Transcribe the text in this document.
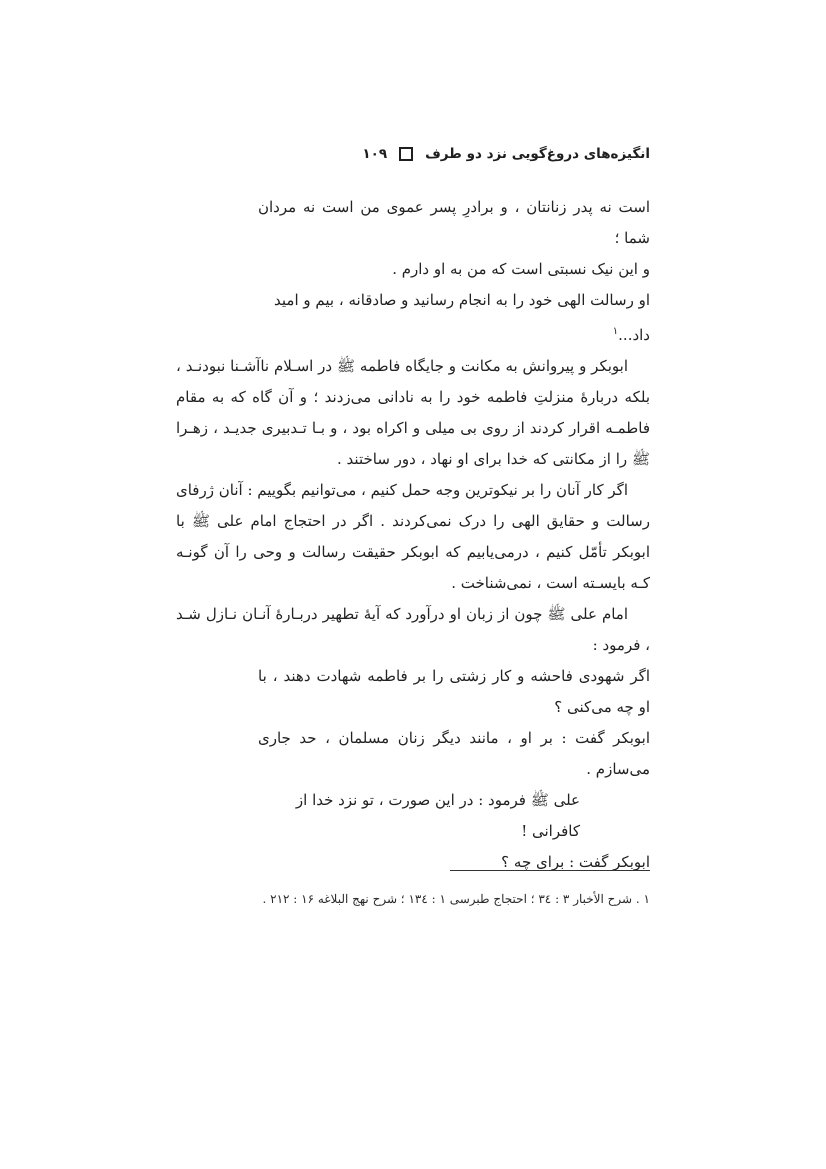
انگیزه‌های دروغ‌گویی نزد دو طرف
۱۰۹
است نه پدر زنانتان ، و برادرِ پسر عموی من است نه مردان شما ؛
و این نیک نسبتی است که من به او دارم .
او رسالت الهی خود را به انجام رسانید و صادقانه ، بیم و امید
داد...$^۱$

ابوبکر و پیروانش به مکانت و جایگاه فاطمه ﷺ در اسـلام ناآشـنا نبودنـد ، بلکه دربارۀ منزلتِ فاطمه خود را به نادانی می‌زدند ؛ و آن گاه که به مقام فاطمـه اقرار کردند از روی بی میلی و اکراه بود ، و بـا تـدبیری جدیـد ، زهـرا ﷺ را از مکانتی که خدا برای او نهاد ، دور ساختند .

اگر کار آنان را بر نیکوترین وجه حمل کنیم ، می‌توانیم بگوییم : آنان ژرفای رسالت و حقایق الهی را درک نمی‌کردند . اگر در احتجاج امام علی ﷺ با ابوبکر تأمّل کنیم ، درمی‌یابیم که ابوبکر حقیقت رسالت و وحی را آن گونـه کـه بایسـته است ، نمی‌شناخت .

امام علی ﷺ چون از زبان او درآورد که آیۀ تطهیر دربـارۀ آنـان نـازل شـد ، فرمود :

اگر شهودی فاحشه و کار زشتی را بر فاطمه شهادت دهند ، با او چه می‌کنی ؟
ابوبکر گفت : بر او ، مانند دیگر زنان مسلمان ، حد جاری می‌سازم .
علی ﷺ فرمود : در این صورت ، تو نزد خدا از کافرانی !
ابوبکر گفت : برای چه ؟
۱ . شرح الأخبار ۳ : ۳٤ ؛ احتجاج طبرسی ۱ : ۱۳٤ ؛ شرح نهج البلاغه ۱۶ : ۲۱۲ .
